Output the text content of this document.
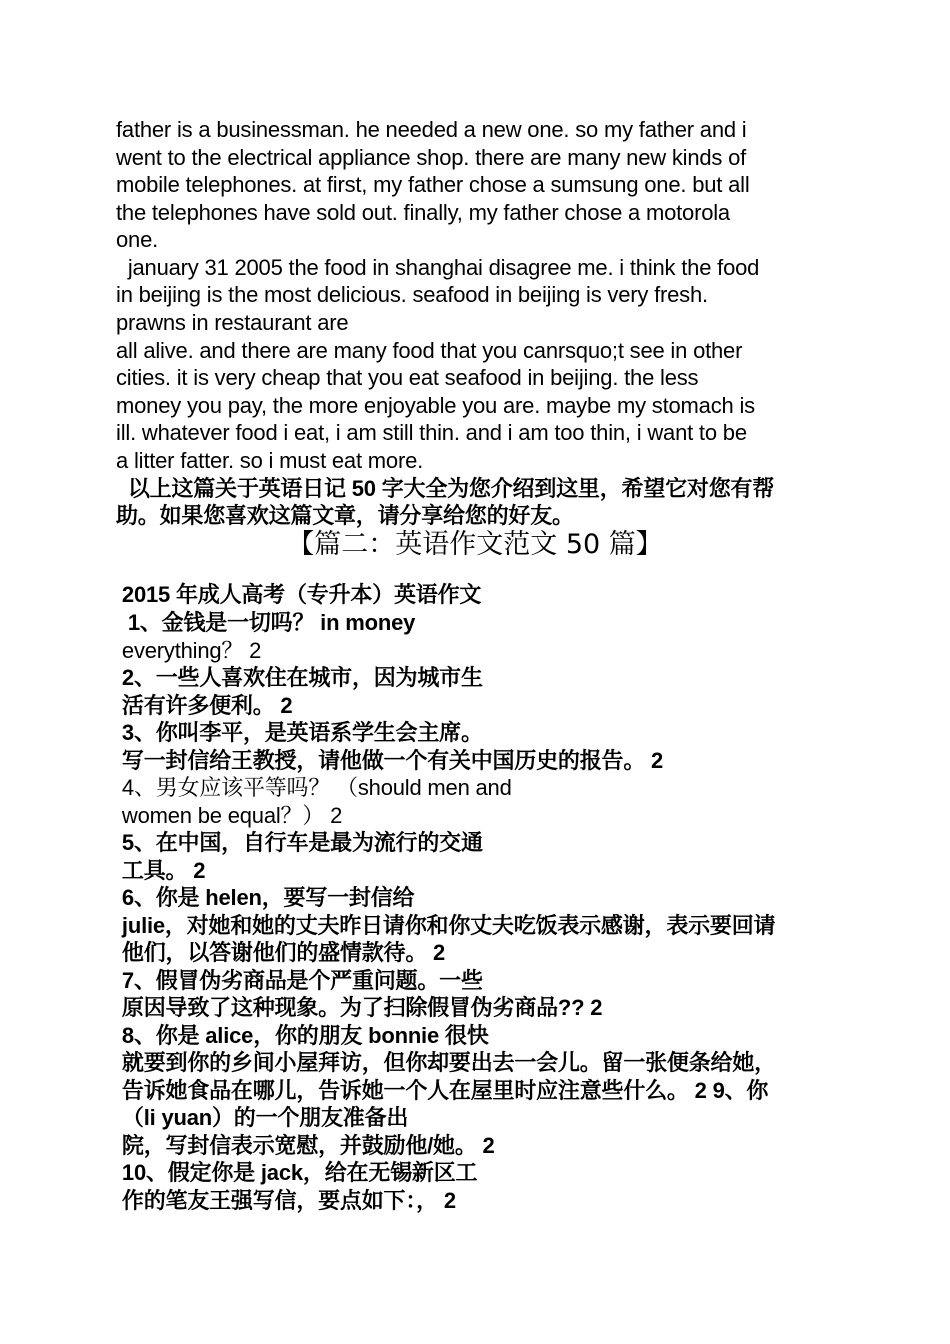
father is a businessman. he needed a new one. so my father and i
went to the electrical appliance shop. there are many new kinds of
mobile telephones. at first, my father chose a sumsung one. but all
the telephones have sold out. finally, my father chose a motorola
one.
january 31 2005 the food in shanghai disagree me. i think the food
in beijing is the most delicious. seafood in beijing is very fresh.
prawns in restaurant are
all alive. and there are many food that you canrsquo;t see in other
cities. it is very cheap that you eat seafood in beijing. the less
money you pay, the more enjoyable you are. maybe my stomach is
ill. whatever food i eat, i am still thin. and i am too thin, i want to be
a litter fatter. so i must eat more.
以上这篇关于英语日记 50 字大全为您介绍到这里，希望它对您有帮
助。如果您喜欢这篇文章，请分享给您的好友。
【篇二：英语作文范文 50 篇】
2015 年成人高考（专升本）英语作文
1、金钱是一切吗？ in money
everything？ 2
2、一些人喜欢住在城市，因为城市生
活有许多便利。 2
3、你叫李平，是英语系学生会主席。
写一封信给王教授，请他做一个有关中国历史的报告。 2
4、男女应该平等吗？ （should men and
women be equal？） 2
5、在中国，自行车是最为流行的交通
工具。 2
6、你是 helen，要写一封信给
julie，对她和她的丈夫昨日请你和你丈夫吃饭表示感谢，表示要回请
他们，以答谢他们的盛情款待。 2
7、假冒伪劣商品是个严重问题。一些
原因导致了这种现象。为了扫除假冒伪劣商品?? 2
8、你是 alice，你的朋友 bonnie 很快
就要到你的乡间小屋拜访，但你却要出去一会儿。留一张便条给她，
告诉她食品在哪儿，告诉她一个人在屋里时应注意些什么。 2 9、你
（li yuan）的一个朋友准备出
院，写封信表示宽慰，并鼓励他/她。 2
10、假定你是 jack，给在无锡新区工
作的笔友王强写信，要点如下：， 2
